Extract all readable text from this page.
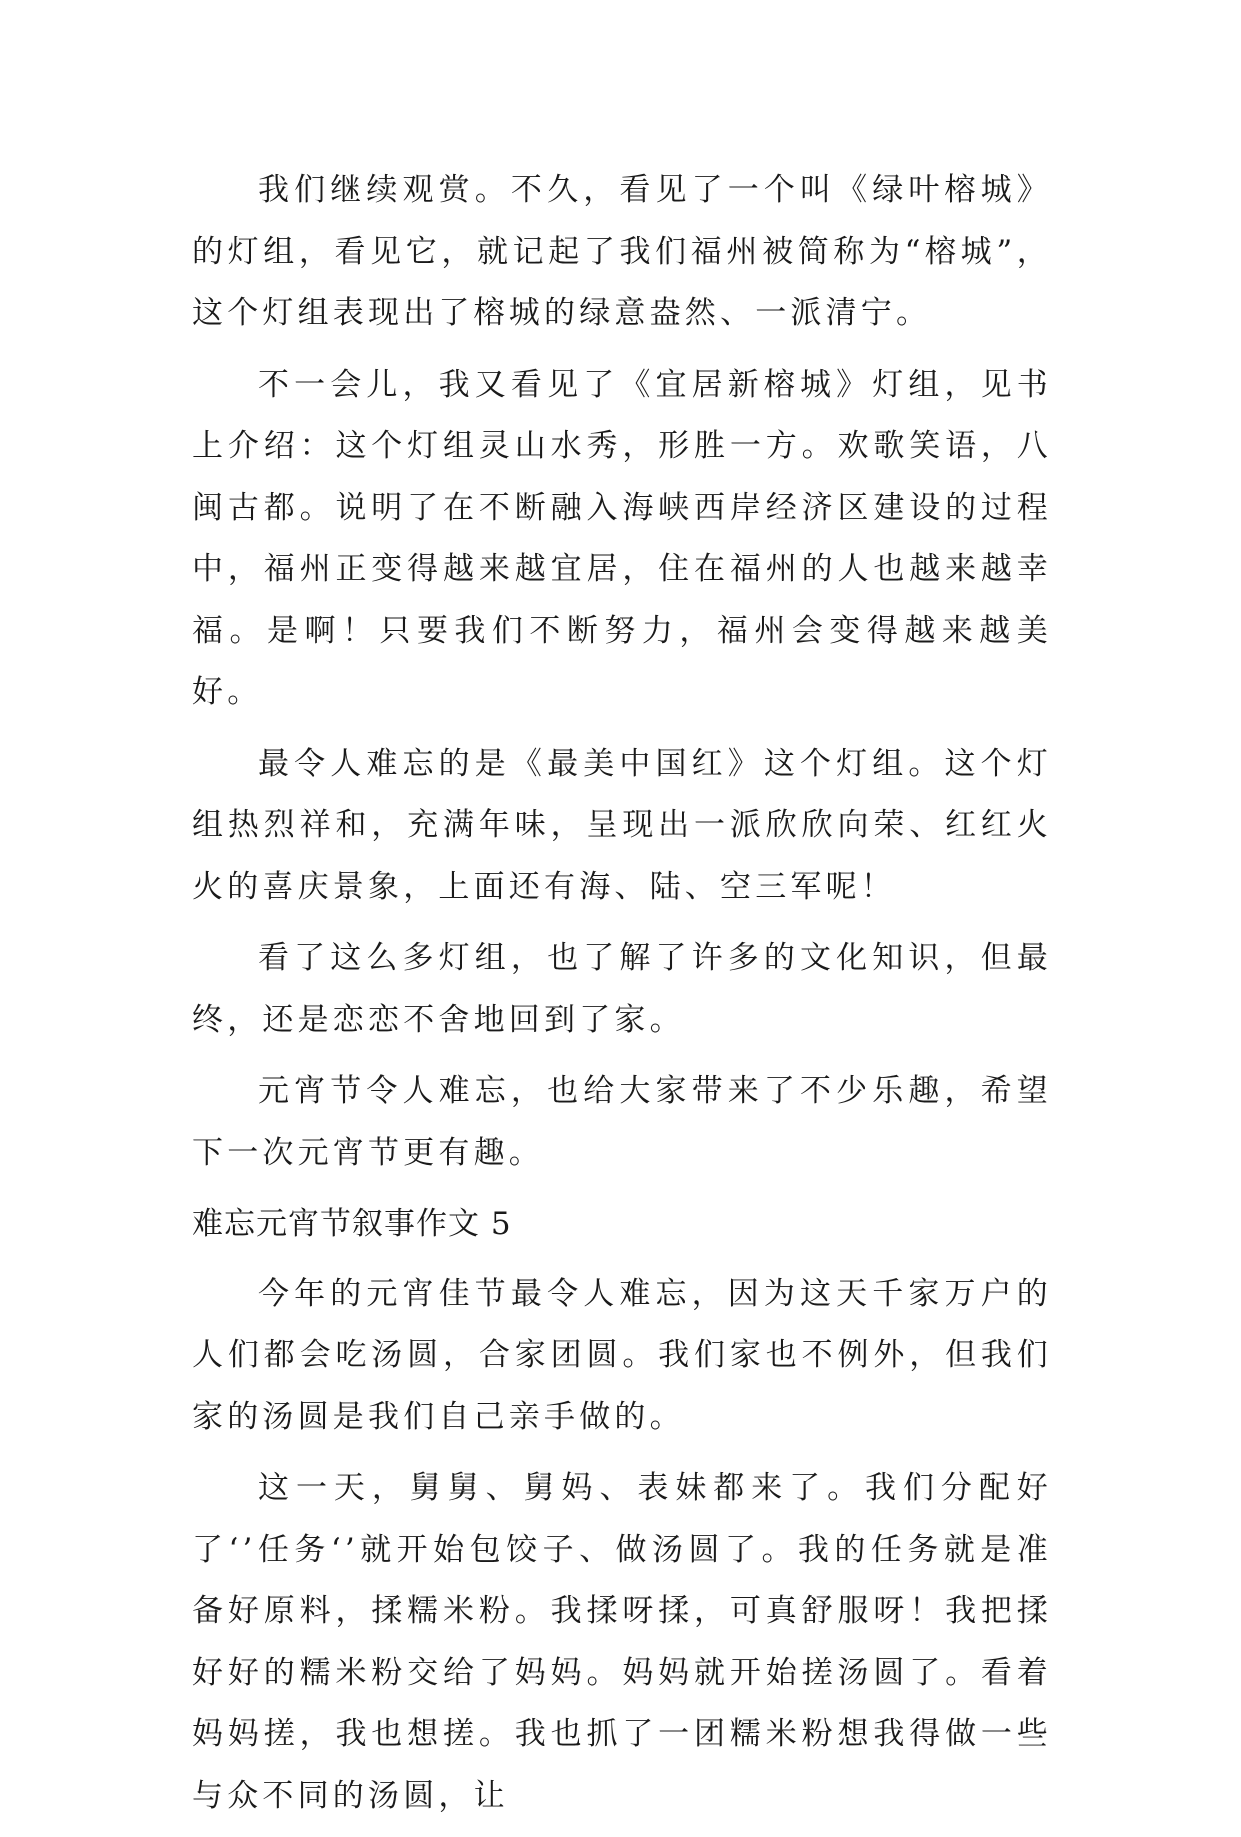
我们继续观赏。不久，看见了一个叫《绿叶榕城》的灯组，看见它，就记起了我们福州被简称为“榕城”，这个灯组表现出了榕城的绿意盎然、一派清宁。

不一会儿，我又看见了《宜居新榕城》灯组，见书上介绍：这个灯组灵山水秀，形胜一方。欢歌笑语，八闽古都。说明了在不断融入海峡西岸经济区建设的过程中，福州正变得越来越宜居，住在福州的人也越来越幸福。是啊！只要我们不断努力，福州会变得越来越美好。

最令人难忘的是《最美中国红》这个灯组。这个灯组热烈祥和，充满年味，呈现出一派欣欣向荣、红红火火的喜庆景象，上面还有海、陆、空三军呢！

看了这么多灯组，也了解了许多的文化知识，但最终，还是恋恋不舍地回到了家。

元宵节令人难忘，也给大家带来了不少乐趣，希望下一次元宵节更有趣。

难忘元宵节叙事作文 5

今年的元宵佳节最令人难忘，因为这天千家万户的人们都会吃汤圆，合家团圆。我们家也不例外，但我们家的汤圆是我们自己亲手做的。

这一天，舅舅、舅妈、表妹都来了。我们分配好了‘’任务‘’就开始包饺子、做汤圆了。我的任务就是准备好原料，揉糯米粉。我揉呀揉，可真舒服呀！我把揉好好的糯米粉交给了妈妈。妈妈就开始搓汤圆了。看着妈妈搓，我也想搓。我也抓了一团糯米粉想我得做一些与众不同的汤圆，让
